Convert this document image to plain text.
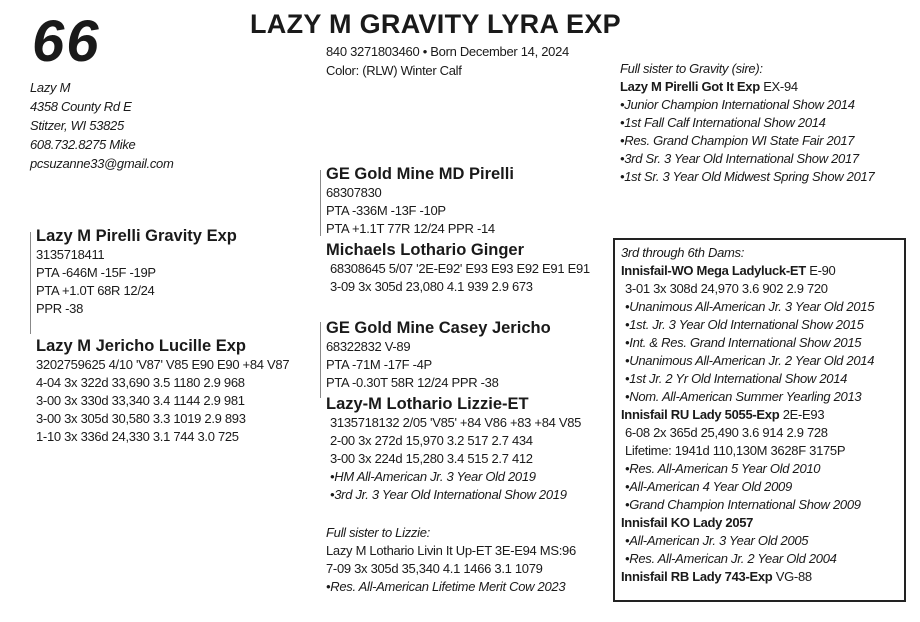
66	LAZY M GRAVITY LYRA EXP
840 3271803460 • Born December 14, 2024
Color: (RLW) Winter Calf
Lazy M
4358 County Rd E
Stitzer, WI 53825
608.732.8275 Mike
pcsuzanne33@gmail.com
Full sister to Gravity (sire):
Lazy M Pirelli Got It Exp EX-94
•Junior Champion International Show 2014
•1st Fall Calf International Show 2014
•Res. Grand Champion WI State Fair 2017
•3rd Sr. 3 Year Old International Show 2017
•1st Sr. 3 Year Old Midwest Spring Show 2017
Lazy M Pirelli Gravity Exp
3135718411
PTA -646M -15F -19P
PTA +1.0T 68R 12/24
PPR -38
GE Gold Mine MD Pirelli
68307830
PTA -336M -13F -10P
PTA +1.1T 77R 12/24 PPR -14
Michaels Lothario Ginger
68308645 5/07 '2E-E92' E93 E93 E92 E91 E91
3-09 3x 305d 23,080 4.1 939 2.9 673
Lazy M Jericho Lucille Exp
3202759625 4/10 'V87' V85 E90 E90 +84 V87
4-04 3x 322d 33,690 3.5 1180 2.9 968
3-00 3x 330d 33,340 3.4 1144 2.9 981
3-00 3x 305d 30,580 3.3 1019 2.9 893
1-10 3x 336d 24,330 3.1 744 3.0 725
GE Gold Mine Casey Jericho
68322832 V-89
PTA -71M -17F -4P
PTA -0.30T 58R 12/24 PPR -38
Lazy-M Lothario Lizzie-ET
3135718132 2/05 'V85' +84 V86 +83 +84 V85
2-00 3x 272d 15,970 3.2 517 2.7 434
3-00 3x 224d 15,280 3.4 515 2.7 412
•HM All-American Jr. 3 Year Old 2019
•3rd Jr. 3 Year Old International Show 2019
Full sister to Lizzie:
Lazy M Lothario Livin It Up-ET 3E-E94 MS:96
7-09 3x 305d 35,340 4.1 1466 3.1 1079
•Res. All-American Lifetime Merit Cow 2023
3rd through 6th Dams:
Innisfail-WO Mega Ladyluck-ET E-90
3-01 3x 308d 24,970 3.6 902 2.9 720
•Unanimous All-American Jr. 3 Year Old 2015
•1st. Jr. 3 Year Old International Show 2015
•Int. & Res. Grand International Show 2015
•Unanimous All-American Jr. 2 Year Old 2014
•1st Jr. 2 Yr Old International Show 2014
•Nom. All-American Summer Yearling 2013
Innisfail RU Lady 5055-Exp 2E-E93
6-08 2x 365d 25,490 3.6 914 2.9 728
Lifetime: 1941d 110,130M 3628F 3175P
•Res. All-American 5 Year Old 2010
•All-American 4 Year Old 2009
•Grand Champion International Show 2009
Innisfail KO Lady 2057
•All-American Jr. 3 Year Old 2005
•Res. All-American Jr. 2 Year Old 2004
Innisfail RB Lady 743-Exp VG-88
